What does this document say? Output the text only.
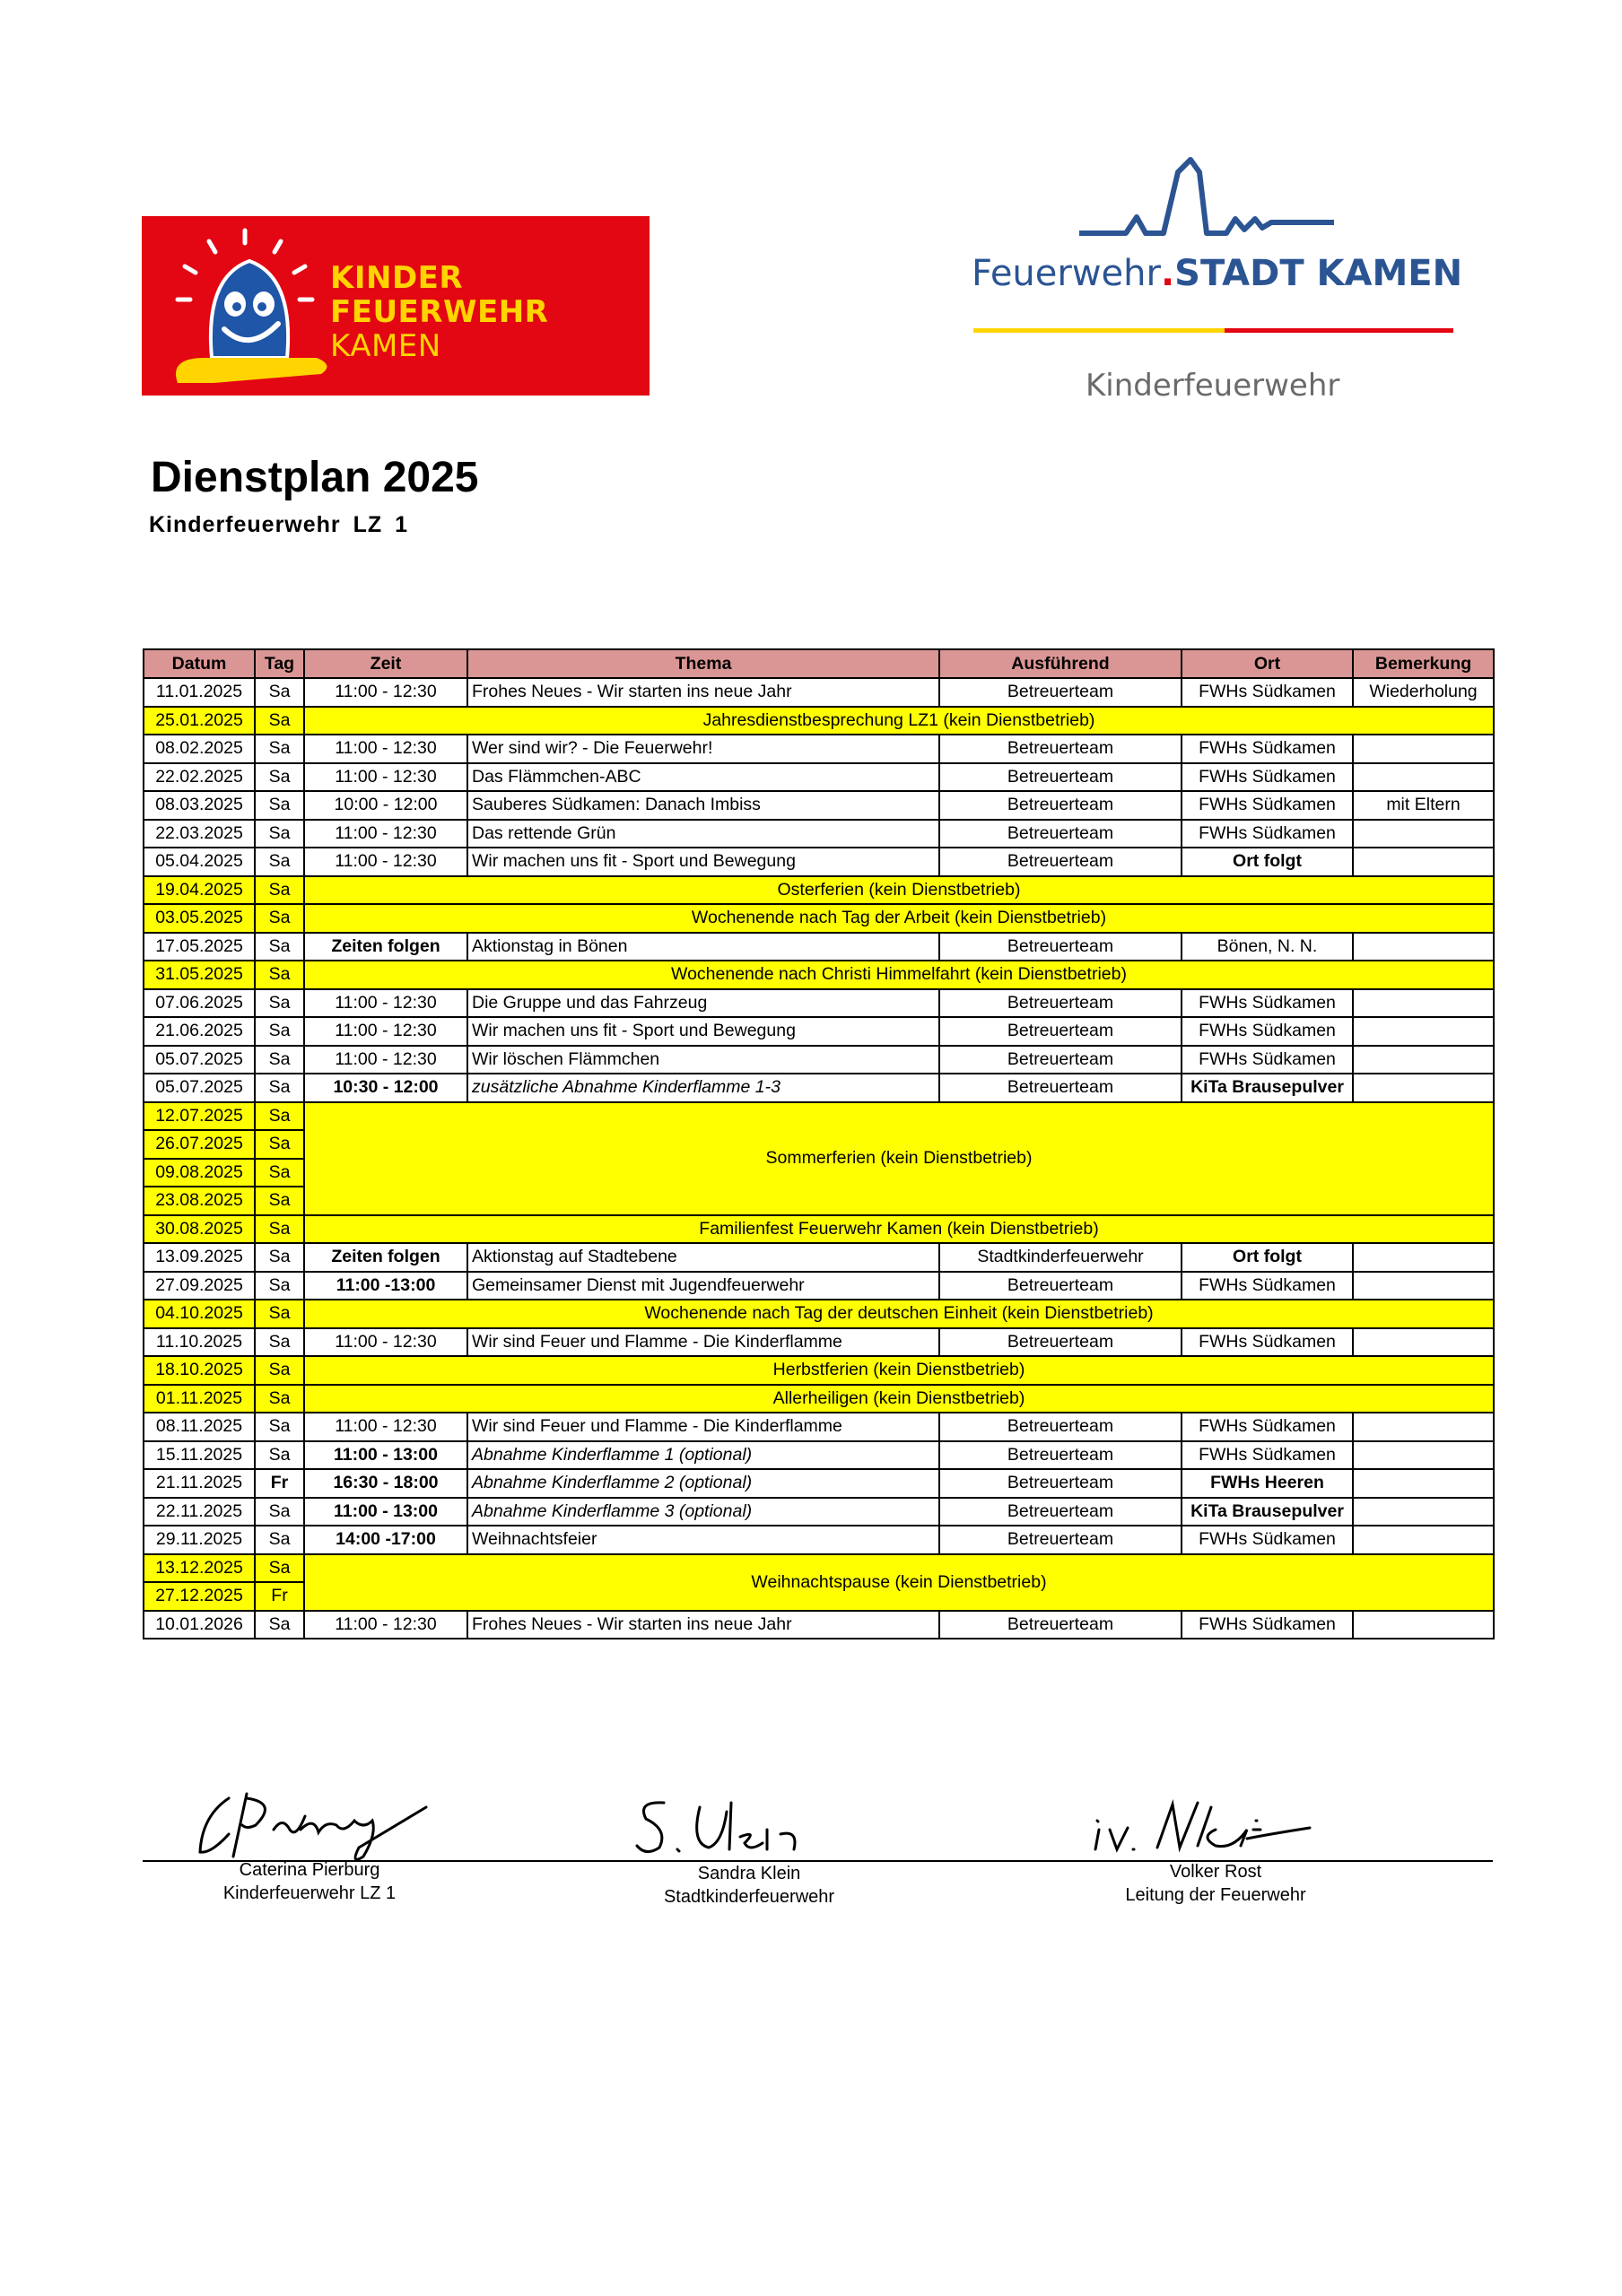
KINDER
FEUERWEHR
KAMEN
Feuerwehr.STADT KAMEN
Kinderfeuerwehr
Dienstplan 2025
Kinderfeuerwehr LZ 1
Datum	Tag	Zeit	Thema	Ausführend	Ort	Bemerkung
11.01.2025	Sa	11:00 - 12:30	Frohes Neues - Wir starten ins neue Jahr	Betreuerteam	FWHs Südkamen	Wiederholung
25.01.2025	Sa	Jahresdienstbesprechung LZ1 (kein Dienstbetrieb)				
08.02.2025	Sa	11:00 - 12:30	Wer sind wir? - Die Feuerwehr!	Betreuerteam	FWHs Südkamen	
22.02.2025	Sa	11:00 - 12:30	Das Flämmchen-ABC	Betreuerteam	FWHs Südkamen	
08.03.2025	Sa	10:00 - 12:00	Sauberes Südkamen: Danach Imbiss	Betreuerteam	FWHs Südkamen	mit Eltern
22.03.2025	Sa	11:00 - 12:30	Das rettende Grün	Betreuerteam	FWHs Südkamen	
05.04.2025	Sa	11:00 - 12:30	Wir machen uns fit - Sport und Bewegung	Betreuerteam	Ort folgt	
19.04.2025	Sa	Osterferien (kein Dienstbetrieb)				
03.05.2025	Sa	Wochenende nach Tag der Arbeit (kein Dienstbetrieb)				
17.05.2025	Sa	Zeiten folgen	Aktionstag in Bönen	Betreuerteam	Bönen, N. N.	
31.05.2025	Sa	Wochenende nach Christi Himmelfahrt (kein Dienstbetrieb)				
07.06.2025	Sa	11:00 - 12:30	Die Gruppe und das Fahrzeug	Betreuerteam	FWHs Südkamen	
21.06.2025	Sa	11:00 - 12:30	Wir machen uns fit - Sport und Bewegung	Betreuerteam	FWHs Südkamen	
05.07.2025	Sa	11:00 - 12:30	Wir löschen Flämmchen	Betreuerteam	FWHs Südkamen	
05.07.2025	Sa	10:30 - 12:00	zusätzliche Abnahme Kinderflamme 1-3	Betreuerteam	KiTa Brausepulver	
12.07.2025	Sa	Sommerferien (kein Dienstbetrieb)				
26.07.2025	Sa					
09.08.2025	Sa					
23.08.2025	Sa					
30.08.2025	Sa	Familienfest Feuerwehr Kamen (kein Dienstbetrieb)				
13.09.2025	Sa	Zeiten folgen	Aktionstag auf Stadtebene	Stadtkinderfeuerwehr	Ort folgt	
27.09.2025	Sa	11:00 -13:00	Gemeinsamer Dienst mit Jugendfeuerwehr	Betreuerteam	FWHs Südkamen	
04.10.2025	Sa	Wochenende nach Tag der deutschen Einheit (kein Dienstbetrieb)				
11.10.2025	Sa	11:00 - 12:30	Wir sind Feuer und Flamme - Die Kinderflamme	Betreuerteam	FWHs Südkamen	
18.10.2025	Sa	Herbstferien (kein Dienstbetrieb)				
01.11.2025	Sa	Allerheiligen (kein Dienstbetrieb)				
08.11.2025	Sa	11:00 - 12:30	Wir sind Feuer und Flamme - Die Kinderflamme	Betreuerteam	FWHs Südkamen	
15.11.2025	Sa	11:00 - 13:00	Abnahme Kinderflamme 1 (optional)	Betreuerteam	FWHs Südkamen	
21.11.2025	Fr	16:30 - 18:00	Abnahme Kinderflamme 2 (optional)	Betreuerteam	FWHs Heeren	
22.11.2025	Sa	11:00 - 13:00	Abnahme Kinderflamme 3 (optional)	Betreuerteam	KiTa Brausepulver	
29.11.2025	Sa	14:00 -17:00	Weihnachtsfeier	Betreuerteam	FWHs Südkamen	
13.12.2025	Sa	Weihnachtspause (kein Dienstbetrieb)				
27.12.2025	Fr					
10.01.2026	Sa	11:00 - 12:30	Frohes Neues - Wir starten ins neue Jahr	Betreuerteam	FWHs Südkamen	
Caterina Pierburg
Kinderfeuerwehr LZ 1
Sandra Klein
Stadtkinderfeuerwehr
Volker Rost
Leitung der Feuerwehr
